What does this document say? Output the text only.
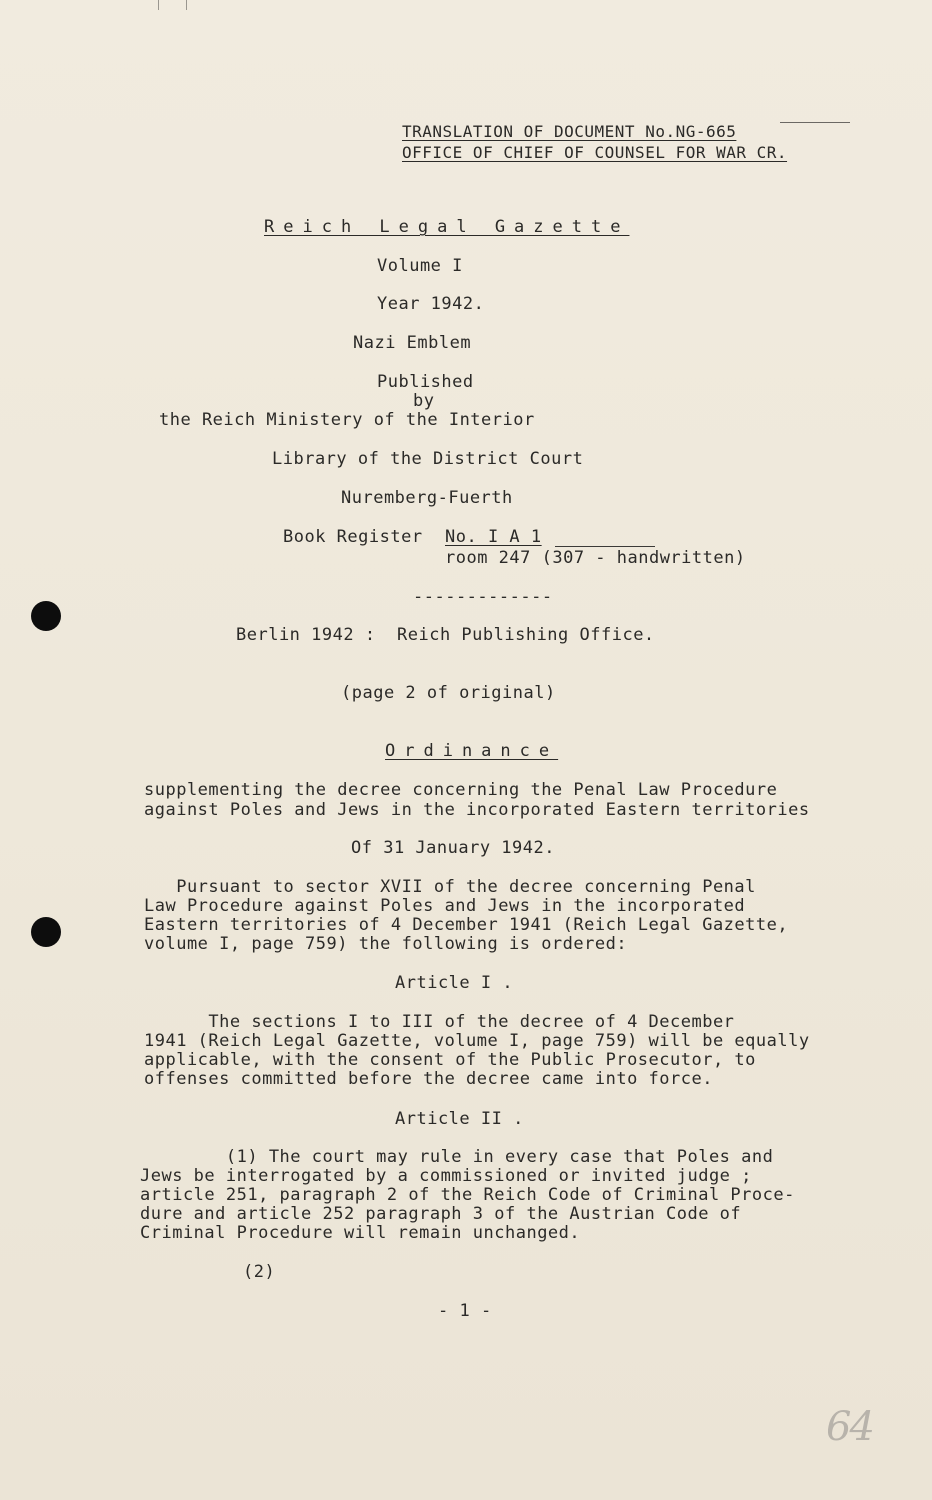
TRANSLATION OF DOCUMENT No.NG-665
OFFICE OF CHIEF OF COUNSEL FOR WAR CR.
Reich Legal Gazette
Volume I
Year 1942.
Nazi Emblem
Published
by
the Reich Ministery of the Interior
Library of the District Court
Nuremberg-Fuerth
Book Register No. I A 1
room 247 (307 - handwritten)
-------------
Berlin 1942 :  Reich Publishing Office.
(page 2 of original)
Ordinance
supplementing the decree concerning the Penal Law Procedure
against Poles and Jews in the incorporated Eastern territories
Of 31 January 1942.
Pursuant to sector XVII of the decree concerning Penal
Law Procedure against Poles and Jews in the incorporated
Eastern territories of 4 December 1941 (Reich Legal Gazette,
volume I, page 759) the following is ordered:
Article I .
The sections I to III of the decree of 4 December
1941 (Reich Legal Gazette, volume I, page 759) will be equally
applicable, with the consent of the Public Prosecutor, to
offenses committed before the decree came into force.
Article II .
(1) The court may rule in every case that Poles and
Jews be interrogated by a commissioned or invited judge ;
article 251, paragraph 2 of the Reich Code of Criminal Proce-
dure and article 252 paragraph 3 of the Austrian Code of
Criminal Procedure will remain unchanged.
(2)
- 1 -
64
